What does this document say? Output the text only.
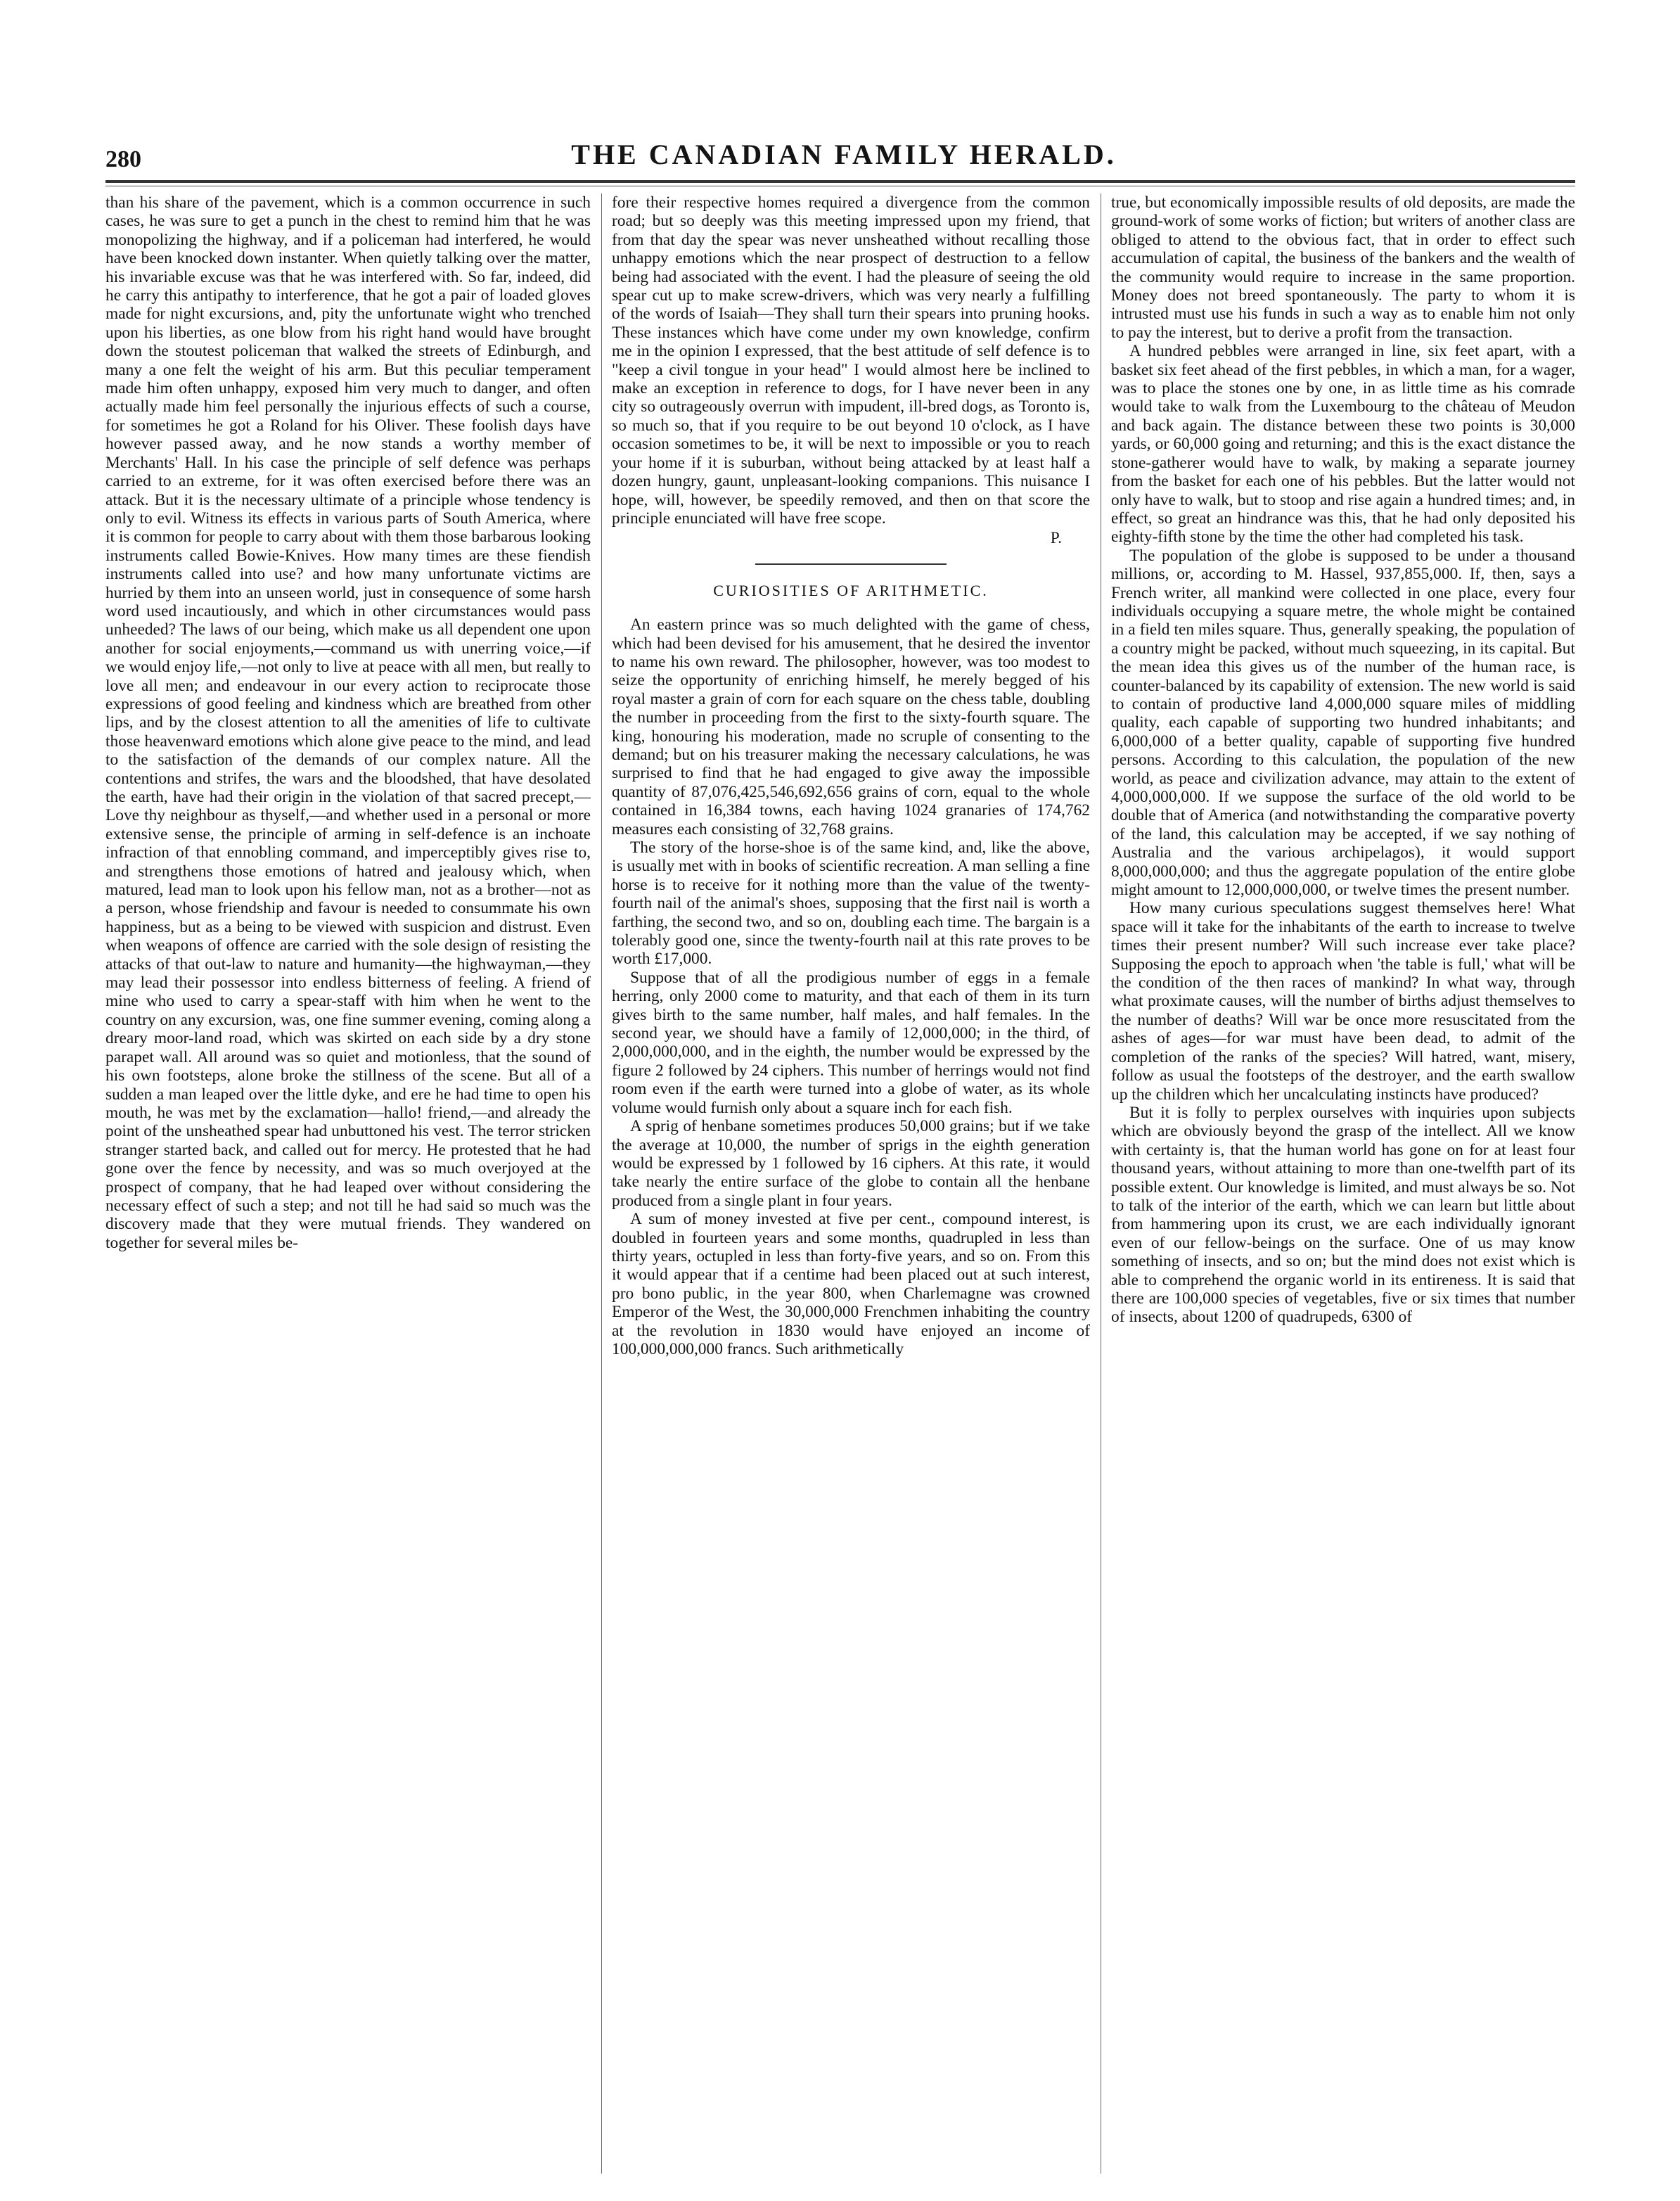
280	THE CANADIAN FAMILY HERALD.

than his share of the pavement, which is a common occurrence in such cases, he was sure to get a punch in the chest to remind him that he was monopolizing the highway, and if a policeman had interfered, he would have been knocked down instanter. When quietly talking over the matter, his invariable excuse was that he was interfered with. So far, indeed, did he carry this antipathy to interference, that he got a pair of loaded gloves made for night excursions, and, pity the unfortunate wight who trenched upon his liberties, as one blow from his right hand would have brought down the stoutest policeman that walked the streets of Edinburgh, and many a one felt the weight of his arm. But this peculiar temperament made him often unhappy, exposed him very much to danger, and often actually made him feel personally the injurious effects of such a course, for sometimes he got a Roland for his Oliver. These foolish days have however passed away, and he now stands a worthy member of Merchants' Hall. In his case the principle of self defence was perhaps carried to an extreme, for it was often exercised before there was an attack. But it is the necessary ultimate of a principle whose tendency is only to evil. Witness its effects in various parts of South America, where it is common for people to carry about with them those barbarous looking instruments called Bowie-Knives. How many times are these fiendish instruments called into use? and how many unfortunate victims are hurried by them into an unseen world, just in consequence of some harsh word used incautiously, and which in other circumstances would pass unheeded? The laws of our being, which make us all dependent one upon another for social enjoyments,—command us with unerring voice,—if we would enjoy life,—not only to live at peace with all men, but really to love all men; and endeavour in our every action to reciprocate those expressions of good feeling and kindness which are breathed from other lips, and by the closest attention to all the amenities of life to cultivate those heavenward emotions which alone give peace to the mind, and lead to the satisfaction of the demands of our complex nature. All the contentions and strifes, the wars and the bloodshed, that have desolated the earth, have had their origin in the violation of that sacred precept,—Love thy neighbour as thyself,—and whether used in a personal or more extensive sense, the principle of arming in self-defence is an inchoate infraction of that ennobling command, and imperceptibly gives rise to, and strengthens those emotions of hatred and jealousy which, when matured, lead man to look upon his fellow man, not as a brother—not as a person, whose friendship and favour is needed to consummate his own happiness, but as a being to be viewed with suspicion and distrust. Even when weapons of offence are carried with the sole design of resisting the attacks of that out-law to nature and humanity—the highwayman,—they may lead their possessor into endless bitterness of feeling. A friend of mine who used to carry a spear-staff with him when he went to the country on any excursion, was, one fine summer evening, coming along a dreary moor-land road, which was skirted on each side by a dry stone parapet wall. All around was so quiet and motionless, that the sound of his own footsteps, alone broke the stillness of the scene. But all of a sudden a man leaped over the little dyke, and ere he had time to open his mouth, he was met by the exclamation—hallo! friend,—and already the point of the unsheathed spear had unbuttoned his vest. The terror stricken stranger started back, and called out for mercy. He protested that he had gone over the fence by necessity, and was so much overjoyed at the prospect of company, that he had leaped over without considering the necessary effect of such a step; and not till he had said so much was the discovery made that they were mutual friends. They wandered on together for several miles be-

fore their respective homes required a divergence from the common road; but so deeply was this meeting impressed upon my friend, that from that day the spear was never unsheathed without recalling those unhappy emotions which the near prospect of destruction to a fellow being had associated with the event. I had the pleasure of seeing the old spear cut up to make screw-drivers, which was very nearly a fulfilling of the words of Isaiah—They shall turn their spears into pruning hooks. These instances which have come under my own knowledge, confirm me in the opinion I expressed, that the best attitude of self defence is to "keep a civil tongue in your head" I would almost here be inclined to make an exception in reference to dogs, for I have never been in any city so outrageously overrun with impudent, ill-bred dogs, as Toronto is, so much so, that if you require to be out beyond 10 o'clock, as I have occasion sometimes to be, it will be next to impossible or you to reach your home if it is suburban, without being attacked by at least half a dozen hungry, gaunt, unpleasant-looking companions. This nuisance I hope, will, however, be speedily removed, and then on that score the principle enunciated will have free scope.

P.
CURIOSITIES OF ARITHMETIC.

An eastern prince was so much delighted with the game of chess, which had been devised for his amusement, that he desired the inventor to name his own reward. The philosopher, however, was too modest to seize the opportunity of enriching himself, he merely begged of his royal master a grain of corn for each square on the chess table, doubling the number in proceeding from the first to the sixty-fourth square. The king, honouring his moderation, made no scruple of consenting to the demand; but on his treasurer making the necessary calculations, he was surprised to find that he had engaged to give away the impossible quantity of 87,076,425,546,692,656 grains of corn, equal to the whole contained in 16,384 towns, each having 1024 granaries of 174,762 measures each consisting of 32,768 grains.

The story of the horse-shoe is of the same kind, and, like the above, is usually met with in books of scientific recreation. A man selling a fine horse is to receive for it nothing more than the value of the twenty-fourth nail of the animal's shoes, supposing that the first nail is worth a farthing, the second two, and so on, doubling each time. The bargain is a tolerably good one, since the twenty-fourth nail at this rate proves to be worth £17,000.

Suppose that of all the prodigious number of eggs in a female herring, only 2000 come to maturity, and that each of them in its turn gives birth to the same number, half males, and half females. In the second year, we should have a family of 12,000,000; in the third, of 2,000,000,000, and in the eighth, the number would be expressed by the figure 2 followed by 24 ciphers. This number of herrings would not find room even if the earth were turned into a globe of water, as its whole volume would furnish only about a square inch for each fish.

A sprig of henbane sometimes produces 50,000 grains; but if we take the average at 10,000, the number of sprigs in the eighth generation would be expressed by 1 followed by 16 ciphers. At this rate, it would take nearly the entire surface of the globe to contain all the henbane produced from a single plant in four years.

A sum of money invested at five per cent., compound interest, is doubled in fourteen years and some months, quadrupled in less than thirty years, octupled in less than forty-five years, and so on. From this it would appear that if a centime had been placed out at such interest, pro bono public, in the year 800, when Charlemagne was crowned Emperor of the West, the 30,000,000 Frenchmen inhabiting the country at the revolution in 1830 would have enjoyed an income of 100,000,000,000 francs. Such arithmetically

true, but economically impossible results of old deposits, are made the ground-work of some works of fiction; but writers of another class are obliged to attend to the obvious fact, that in order to effect such accumulation of capital, the business of the bankers and the wealth of the community would require to increase in the same proportion. Money does not breed spontaneously. The party to whom it is intrusted must use his funds in such a way as to enable him not only to pay the interest, but to derive a profit from the transaction.

A hundred pebbles were arranged in line, six feet apart, with a basket six feet ahead of the first pebbles, in which a man, for a wager, was to place the stones one by one, in as little time as his comrade would take to walk from the Luxembourg to the château of Meudon and back again. The distance between these two points is 30,000 yards, or 60,000 going and returning; and this is the exact distance the stone-gatherer would have to walk, by making a separate journey from the basket for each one of his pebbles. But the latter would not only have to walk, but to stoop and rise again a hundred times; and, in effect, so great an hindrance was this, that he had only deposited his eighty-fifth stone by the time the other had completed his task.

The population of the globe is supposed to be under a thousand millions, or, according to M. Hassel, 937,855,000. If, then, says a French writer, all mankind were collected in one place, every four individuals occupying a square metre, the whole might be contained in a field ten miles square. Thus, generally speaking, the population of a country might be packed, without much squeezing, in its capital. But the mean idea this gives us of the number of the human race, is counter-balanced by its capability of extension. The new world is said to contain of productive land 4,000,000 square miles of middling quality, each capable of supporting two hundred inhabitants; and 6,000,000 of a better quality, capable of supporting five hundred persons. According to this calculation, the population of the new world, as peace and civilization advance, may attain to the extent of 4,000,000,000. If we suppose the surface of the old world to be double that of America (and notwithstanding the comparative poverty of the land, this calculation may be accepted, if we say nothing of Australia and the various archipelagos), it would support 8,000,000,000; and thus the aggregate population of the entire globe might amount to 12,000,000,000, or twelve times the present number.

How many curious speculations suggest themselves here! What space will it take for the inhabitants of the earth to increase to twelve times their present number? Will such increase ever take place? Supposing the epoch to approach when 'the table is full,' what will be the condition of the then races of mankind? In what way, through what proximate causes, will the number of births adjust themselves to the number of deaths? Will war be once more resuscitated from the ashes of ages—for war must have been dead, to admit of the completion of the ranks of the species? Will hatred, want, misery, follow as usual the footsteps of the destroyer, and the earth swallow up the children which her uncalculating instincts have produced?

But it is folly to perplex ourselves with inquiries upon subjects which are obviously beyond the grasp of the intellect. All we know with certainty is, that the human world has gone on for at least four thousand years, without attaining to more than one-twelfth part of its possible extent. Our knowledge is limited, and must always be so. Not to talk of the interior of the earth, which we can learn but little about from hammering upon its crust, we are each individually ignorant even of our fellow-beings on the surface. One of us may know something of insects, and so on; but the mind does not exist which is able to comprehend the organic world in its entireness. It is said that there are 100,000 species of vegetables, five or six times that number of insects, about 1200 of quadrupeds, 6300 of
